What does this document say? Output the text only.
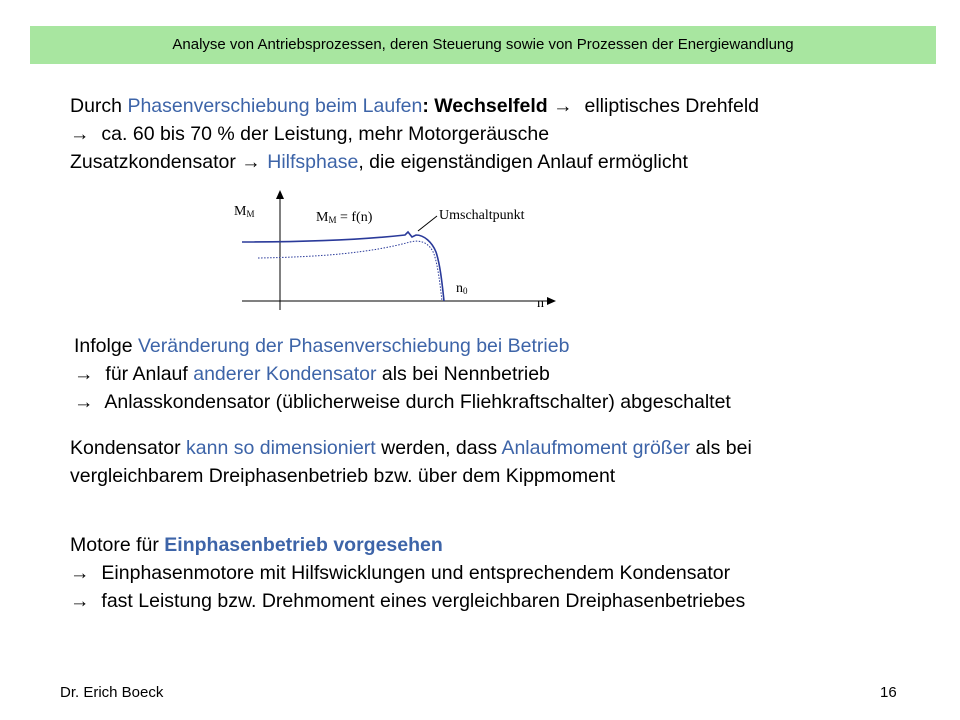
Analyse von Antriebsprozessen, deren Steuerung sowie von Prozessen der Energiewandlung
Durch Phasenverschiebung beim Laufen: Wechselfeld → elliptisches Drehfeld
→ ca. 60 bis 70 % der Leistung, mehr Motorgeräusche
Zusatzkondensator → Hilfsphase, die eigenständigen Anlauf ermöglicht
MM	MM = f(n)	Umschaltpunkt
n0
n
Infolge Veränderung der Phasenverschiebung bei Betrieb
→ für Anlauf anderer Kondensator als bei Nennbetrieb
→ Anlasskondensator (üblicherweise durch Fliehkraftschalter) abgeschaltet
Kondensator kann so dimensioniert werden, dass Anlaufmoment größer als bei
vergleichbarem Dreiphasenbetrieb bzw. über dem Kippmoment
Motore für Einphasenbetrieb vorgesehen
→ Einphasenmotore mit Hilfswicklungen und entsprechendem Kondensator
→ fast Leistung bzw. Drehmoment eines vergleichbaren Dreiphasenbetriebes
Dr. Erich Boeck	16
